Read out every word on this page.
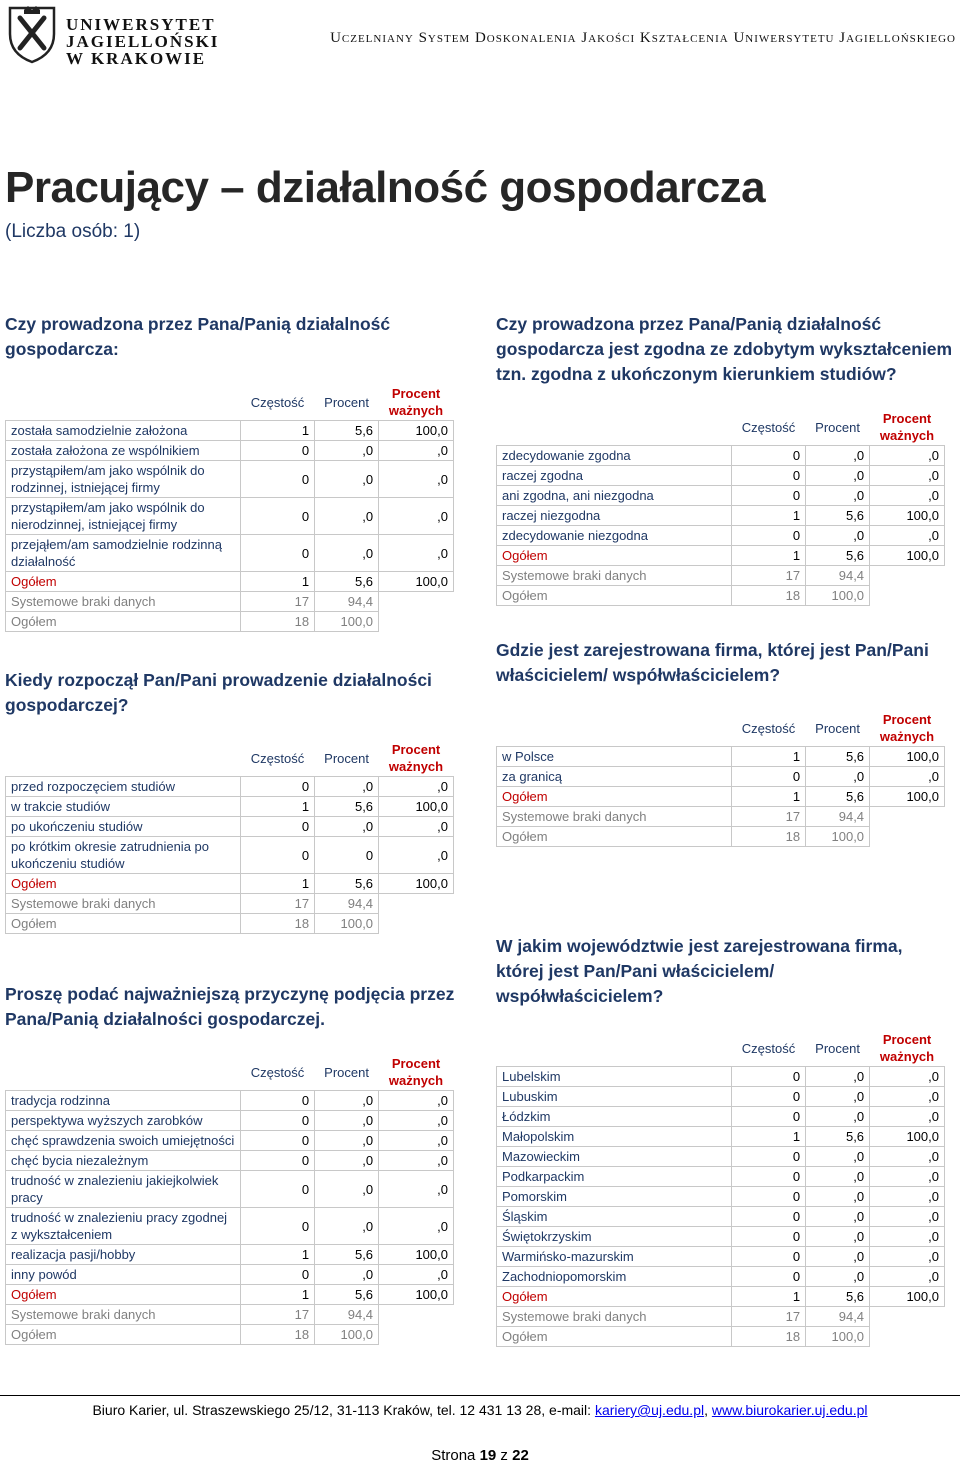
UNIWERSYTET
JAGIELLOŃSKI
W KRAKOWIE
Uczelniany System Doskonalenia Jakości Kształcenia Uniwersytetu Jagiellońskiego
Pracujący – działalność gospodarcza
(Liczba osób: 1)
Czy prowadzona przez Pana/Panią działalność gospodarcza:
	Częstość	Procent	Procent
ważnych

została samodzielnie założona	1	5,6	100,0
została założona ze wspólnikiem	0	,0	,0
przystąpiłem/am jako wspólnik do rodzinnej, istniejącej firmy	0	,0	,0
przystąpiłem/am jako wspólnik do nierodzinnej, istniejącej firmy	0	,0	,0
przejąłem/am samodzielnie rodzinną działalność	0	,0	,0
Ogółem	1	5,6	100,0
Systemowe braki danych	17	94,4	
Ogółem	18	100,0	
Kiedy rozpoczął Pan/Pani prowadzenie działalności gospodarczej?
	Częstość	Procent	Procent
ważnych

przed rozpoczęciem studiów	0	,0	,0
w trakcie studiów	1	5,6	100,0
po ukończeniu studiów	0	,0	,0
po krótkim okresie zatrudnienia po ukończeniu studiów	0	0	,0
Ogółem	1	5,6	100,0
Systemowe braki danych	17	94,4	
Ogółem	18	100,0	
Proszę podać najważniejszą przyczynę podjęcia przez Pana/Panią działalności gospodarczej.
	Częstość	Procent	Procent
ważnych

tradycja rodzinna	0	,0	,0
perspektywa wyższych zarobków	0	,0	,0
chęć sprawdzenia swoich umiejętności	0	,0	,0
chęć bycia niezależnym	0	,0	,0
trudność w znalezieniu jakiejkolwiek pracy	0	,0	,0
trudność w znalezieniu pracy zgodnej z wykształceniem	0	,0	,0
realizacja pasji/hobby	1	5,6	100,0
inny powód	0	,0	,0
Ogółem	1	5,6	100,0
Systemowe braki danych	17	94,4	
Ogółem	18	100,0	
Czy prowadzona przez Pana/Panią działalność gospodarcza jest zgodna ze zdobytym wykształceniem tzn. zgodna z ukończonym kierunkiem studiów?
	Częstość	Procent	Procent
ważnych

zdecydowanie zgodna	0	,0	,0
raczej zgodna	0	,0	,0
ani zgodna, ani niezgodna	0	,0	,0
raczej niezgodna	1	5,6	100,0
zdecydowanie niezgodna	0	,0	,0
Ogółem	1	5,6	100,0
Systemowe braki danych	17	94,4	
Ogółem	18	100,0	
Gdzie jest zarejestrowana firma, której jest Pan/Pani właścicielem/ współwłaścicielem?
	Częstość	Procent	Procent
ważnych

w Polsce	1	5,6	100,0
za granicą	0	,0	,0
Ogółem	1	5,6	100,0
Systemowe braki danych	17	94,4	
Ogółem	18	100,0	
W jakim województwie jest zarejestrowana firma, której jest Pan/Pani właścicielem/ współwłaścicielem?
	Częstość	Procent	Procent
ważnych

Lubelskim	0	,0	,0
Lubuskim	0	,0	,0
Łódzkim	0	,0	,0
Małopolskim	1	5,6	100,0
Mazowieckim	0	,0	,0
Podkarpackim	0	,0	,0
Pomorskim	0	,0	,0
Śląskim	0	,0	,0
Świętokrzyskim	0	,0	,0
Warmińsko-mazurskim	0	,0	,0
Zachodniopomorskim	0	,0	,0
Ogółem	1	5,6	100,0
Systemowe braki danych	17	94,4	
Ogółem	18	100,0	
Biuro Karier, ul. Straszewskiego 25/12, 31-113 Kraków, tel. 12 431 13 28, e-mail: kariery@uj.edu.pl, www.biurokarier.uj.edu.pl
Strona 19 z 22
